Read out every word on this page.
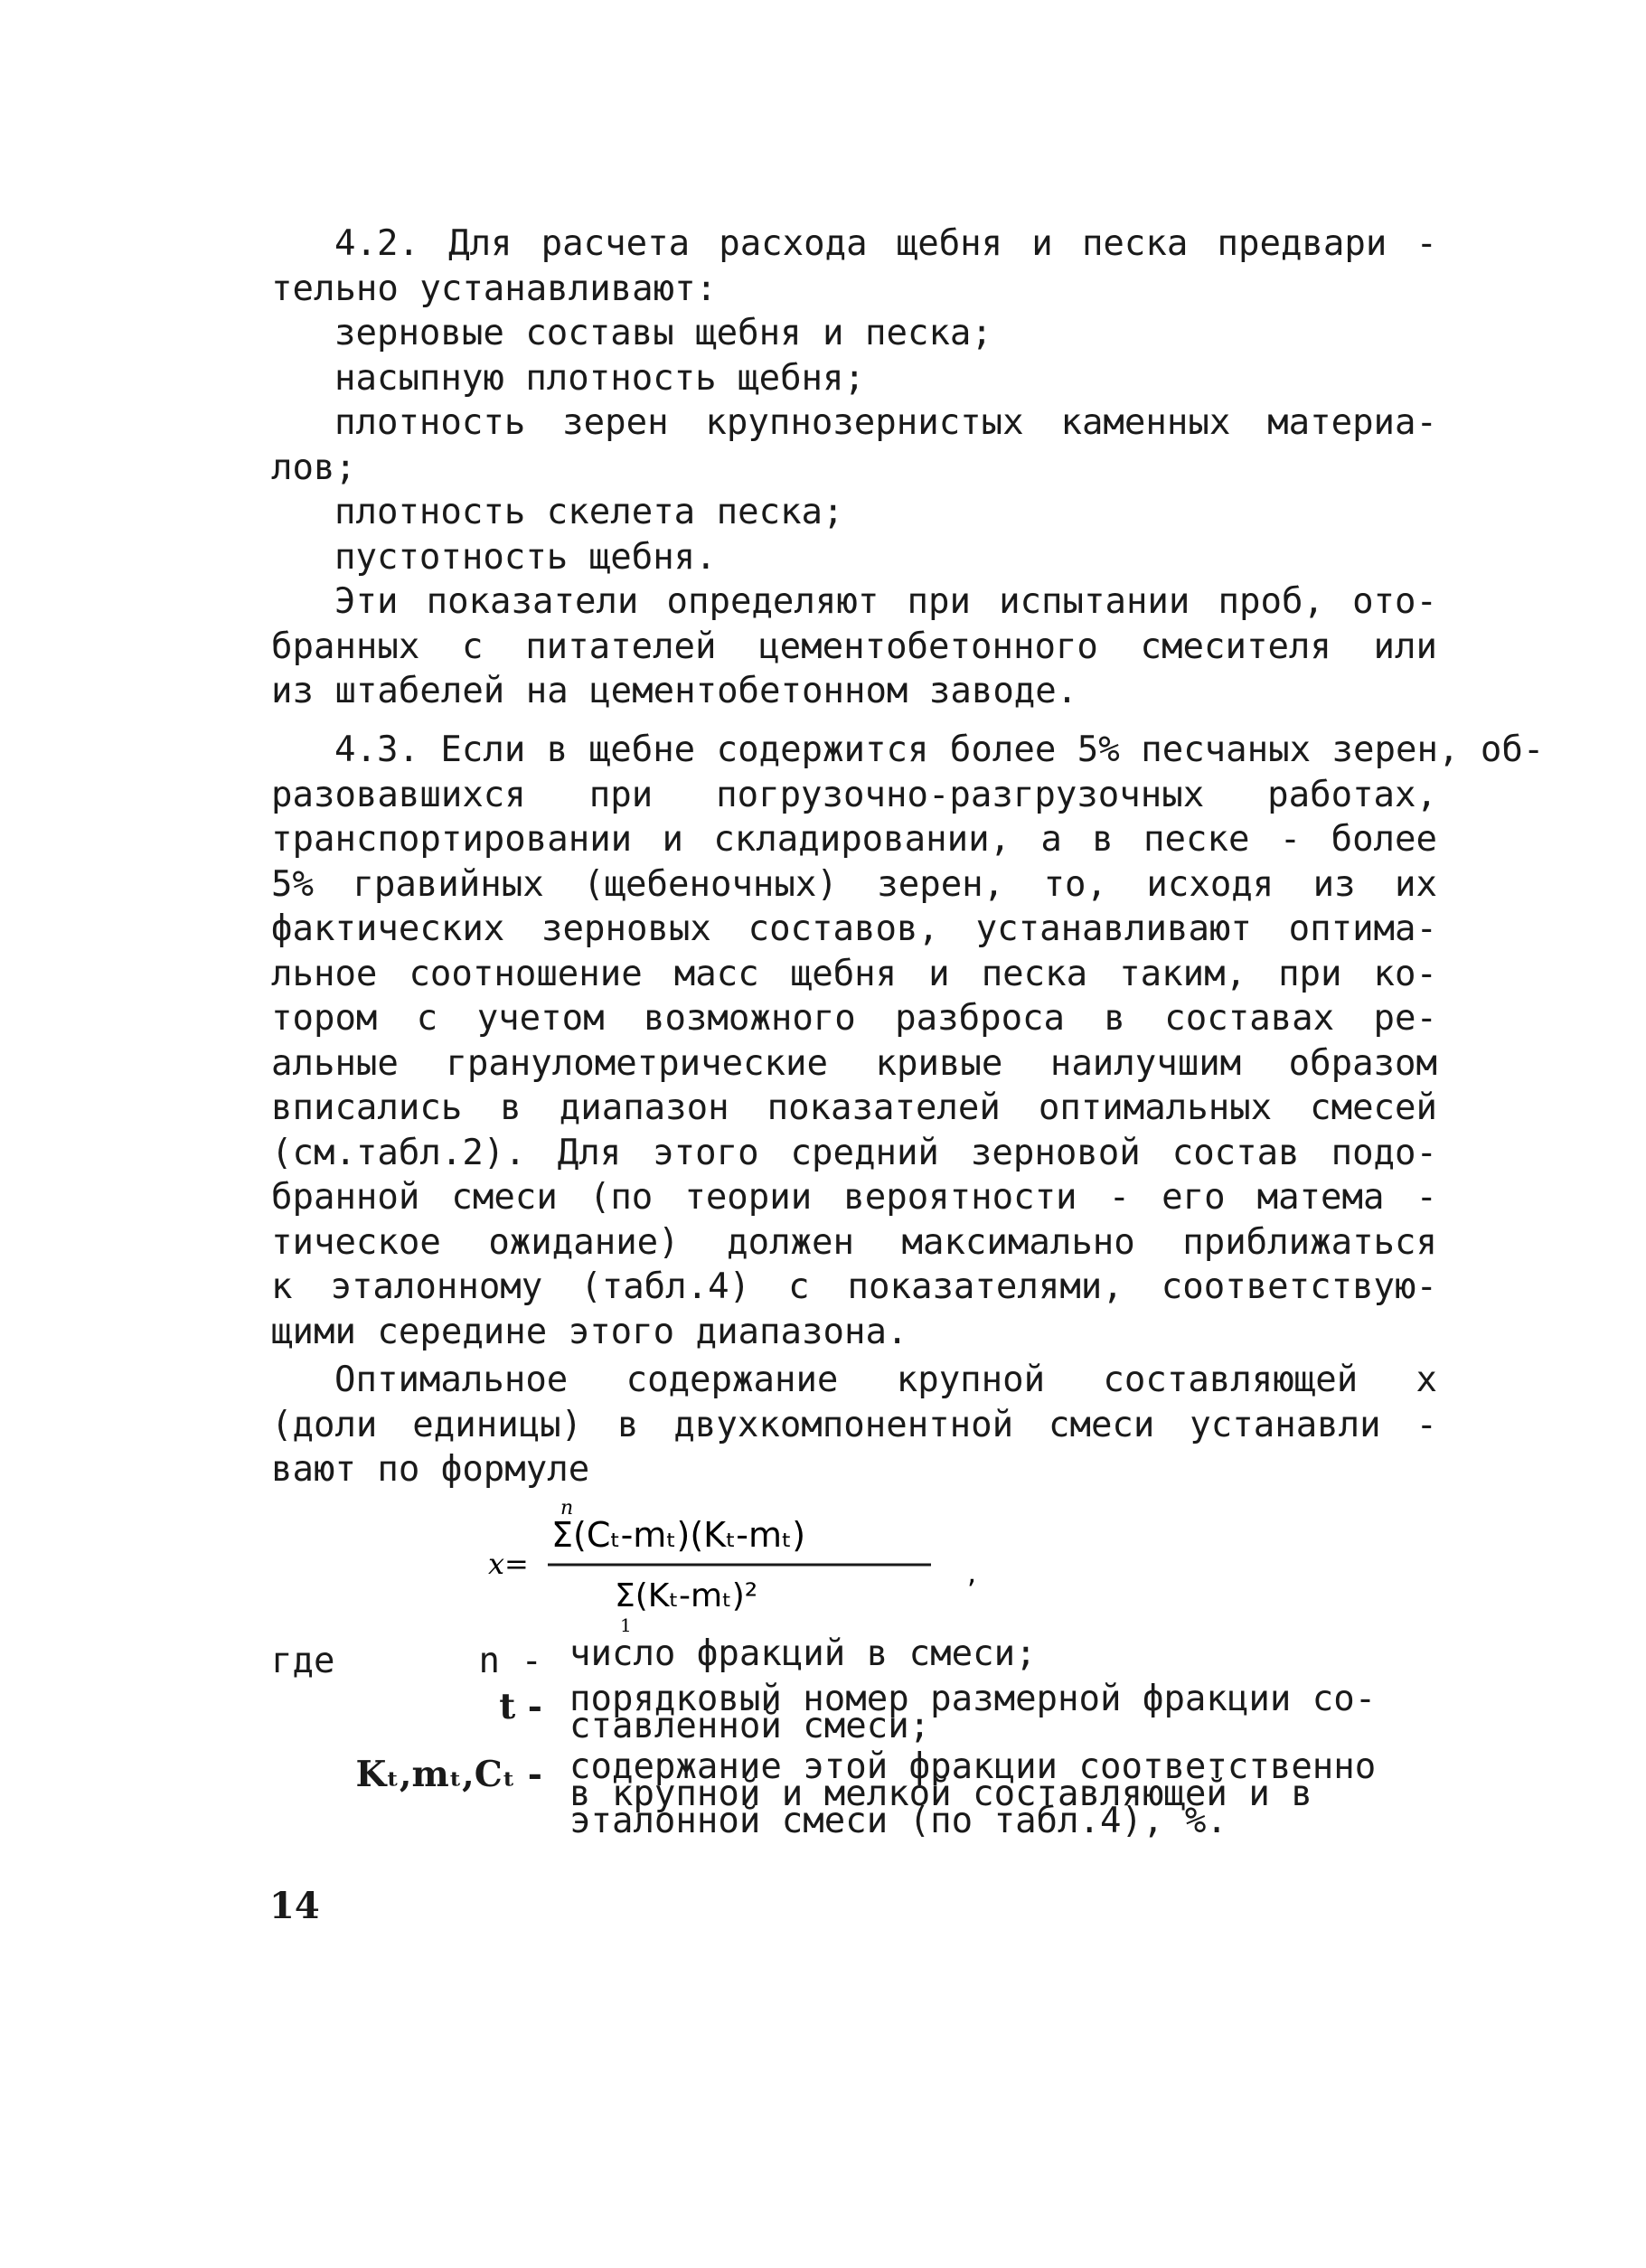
4.2. Для расчета расхода щебня и песка предвари -
тельно устанавливают:
зерновые составы щебня и песка;
насыпную плотность щебня;
плотность зерен крупнозернистых каменных материа-
лов;
плотность скелета песка;
пустотность щебня.
Эти показатели определяют при испытании проб, ото-
бранных с питателей цементобетонного смесителя или
из штабелей на цементобетонном заводе.
4.3. Если в щебне содержится более 5% песчаных зерен, об-
разовавшихся при погрузочно-разгрузочных работах,
транспортировании и складировании, а в песке - более
5% гравийных (щебеночных) зерен, то, исходя из их
фактических зерновых составов, устанавливают оптима-
льное соотношение масс щебня и песка таким, при ко-
тором с учетом возможного разброса в составах ре-
альные гранулометрические кривые наилучшим образом
вписались в диапазон показателей оптимальных смесей
(см.табл.2). Для этого средний зерновой состав подо-
бранной смеси (по теории вероятности - его матема -
тическое ожидание) должен максимально приближаться
к эталонному (табл.4) с показателями, соответствую-
щими середине этого диапазона.
Оптимальное содержание крупной составляющей x
(доли единицы) в двухкомпонентной смеси устанавли -
вают по формуле
x=
n
Σ(Cₜ-mₜ)(Kₜ-mₜ)
Σ(Kₜ-mₜ)²
1
,
где	n - число фракций в смеси;
t - порядковый номер размерной фракции со-
ставленной смеси;
Kₜ,mₜ,Cₜ - содержание этой фракции соответственно
в крупной и мелкой составляющей и в
эталонной смеси (по табл.4), %.
14
